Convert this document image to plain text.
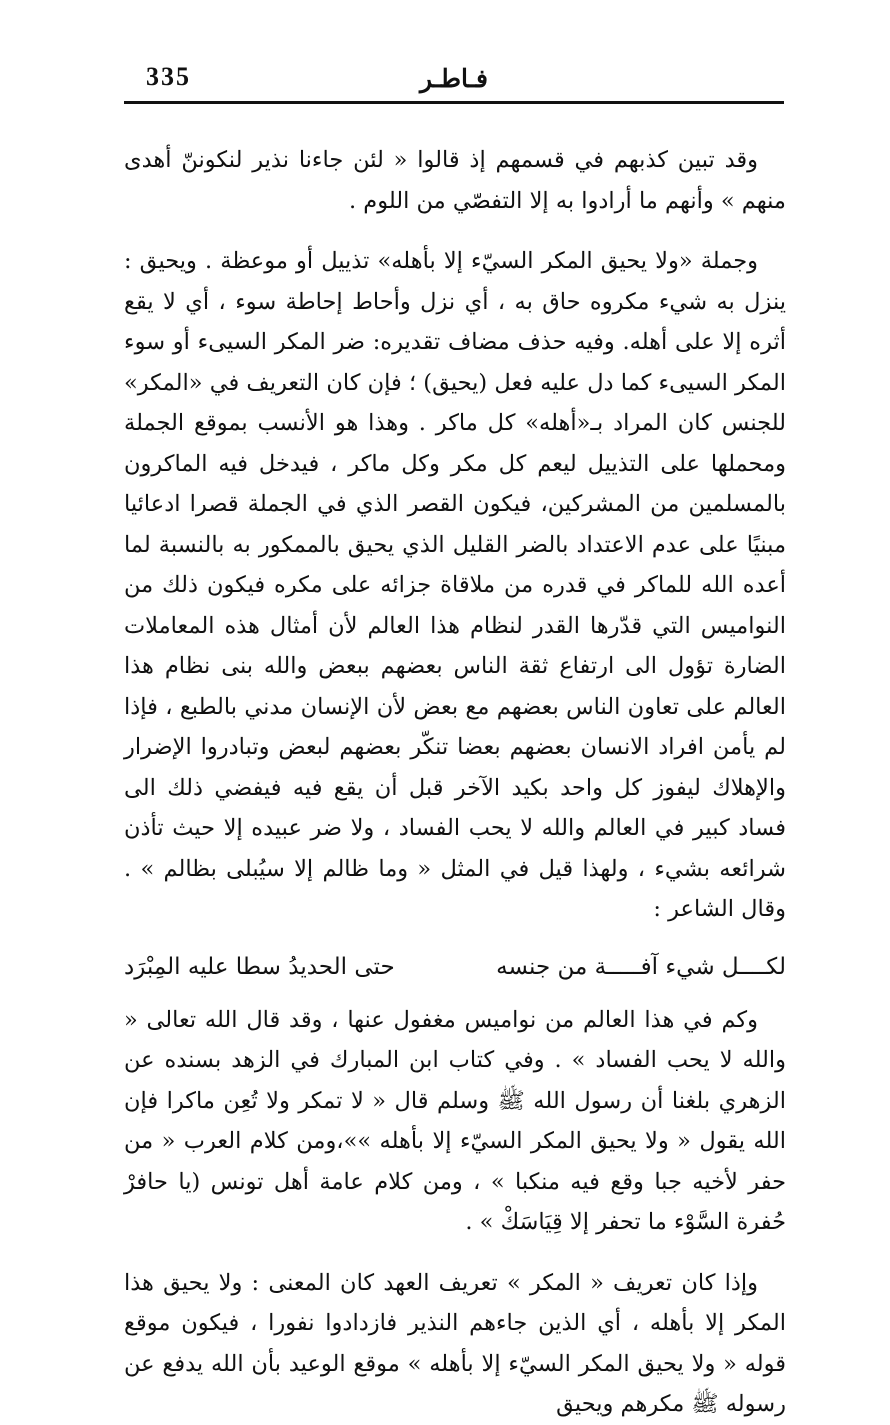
335	فـاطـر

وقد تبين كذبهم في قسمهم إذ قالوا « لئن جاءنا نذير لنكوننّ أهدى منهم » وأنهم ما أرادوا به إلا التفصّي من اللوم .

وجملة «ولا يحيق المكر السيّء إلا بأهله» تذييل أو موعظة . ويحيق : ينزل به شيء مكروه حاق به ، أي نزل وأحاط إحاطة سوء ، أي لا يقع أثره إلا على أهله. وفيه حذف مضاف تقديره: ضر المكر السيىء أو سوء المكر السيىء كما دل عليه فعل (يحيق) ؛ فإن كان التعريف في «المكر» للجنس كان المراد بـ«أهله» كل ماكر . وهذا هو الأنسب بموقع الجملة ومحملها على التذييل ليعم كل مكر وكل ماكر ، فيدخل فيه الماكرون بالمسلمين من المشركين، فيكون القصر الذي في الجملة قصرا ادعائيا مبنيًا على عدم الاعتداد بالضر القليل الذي يحيق بالممكور به بالنسبة لما أعده الله للماكر في قدره من ملاقاة جزائه على مكره فيكون ذلك من النواميس التي قدّرها القدر لنظام هذا العالم لأن أمثال هذه المعاملات الضارة تؤول الى ارتفاع ثقة الناس بعضهم ببعض والله بنى نظام هذا العالم على تعاون الناس بعضهم مع بعض لأن الإنسان مدني بالطبع ، فإذا لم يأمن افراد الانسان بعضهم بعضا تنكّر بعضهم لبعض وتبادروا الإضرار والإهلاك ليفوز كل واحد بكيد الآخر قبل أن يقع فيه فيفضي ذلك الى فساد كبير في العالم والله لا يحب الفساد ، ولا ضر عبيده إلا حيث تأذن شرائعه بشيء ، ولهذا قيل في المثل « وما ظالم إلا سيُبلى بظالم » . وقال الشاعر :

لكــــل شيء آفـــــة من جنسه
حتى الحديدُ سطا عليه المِبْرَد

وكم في هذا العالم من نواميس مغفول عنها ، وقد قال الله تعالى « والله لا يحب الفساد » . وفي كتاب ابن المبارك في الزهد بسنده عن الزهري بلغنا أن رسول الله ﷺ وسلم قال « لا تمكر ولا تُعِن ماكرا فإن الله يقول « ولا يحيق المكر السيّء إلا بأهله »»،ومن كلام العرب « من حفر لأخيه جبا وقع فيه منكبا » ، ومن كلام عامة أهل تونس (يا حافرْ حُفرة السَّوْء ما تحفر إلا قِيَاسَكْ » .

وإذا كان تعريف « المكر » تعريف العهد كان المعنى : ولا يحيق هذا المكر إلا بأهله ، أي الذين جاءهم النذير فازدادوا نفورا ، فيكون موقع قوله « ولا يحيق المكر السيّء إلا بأهله » موقع الوعيد بأن الله يدفع عن رسوله ﷺ مكرهم ويحيق
